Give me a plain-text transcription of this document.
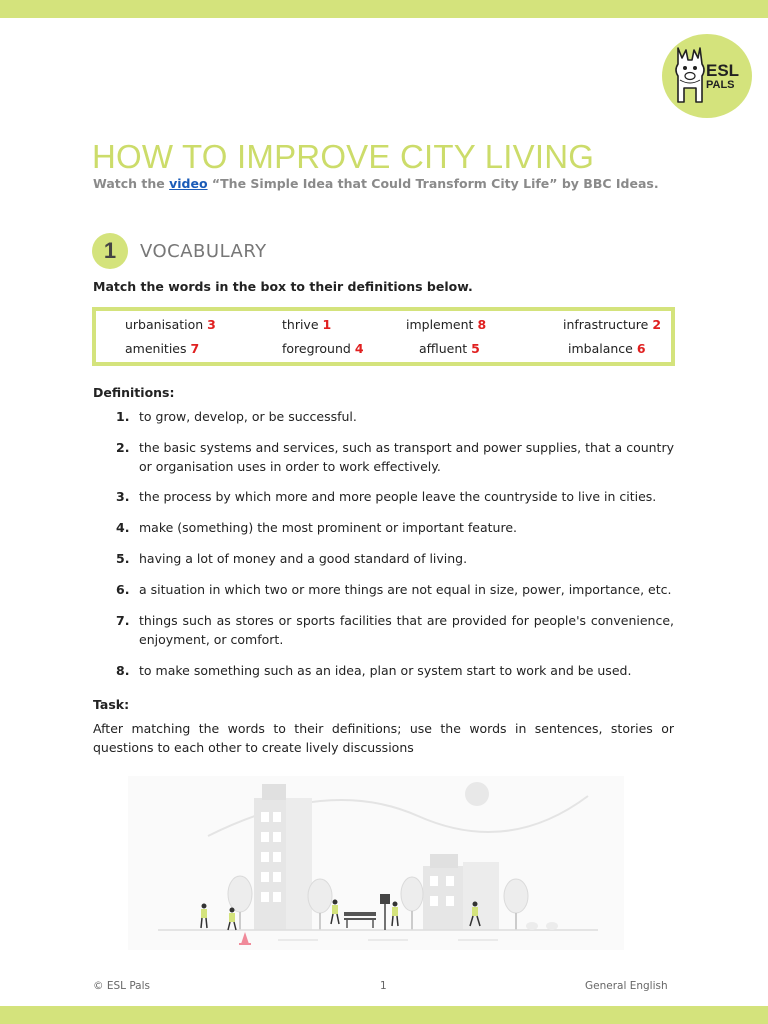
ESL
PALS
HOW TO IMPROVE CITY LIVING
Watch the video “The Simple Idea that Could Transform City Life” by BBC Ideas.
1	VOCABULARY
Match the words in the box to their definitions below.
urbanisation 3	thrive 1	implement 8	infrastructure 2
amenities 7	foreground 4	affluent 5	imbalance 6
Definitions:
1. to grow, develop, or be successful.
2. the basic systems and services, such as transport and power supplies, that a country or organisation uses in order to work effectively.
3. the process by which more and more people leave the countryside to live in cities.
4. make (something) the most prominent or important feature.
5. having a lot of money and a good standard of living.
6. a situation in which two or more things are not equal in size, power, importance, etc.
7. things such as stores or sports facilities that are provided for people's convenience, enjoyment, or comfort.
8. to make something such as an idea, plan or system start to work and be used.
Task:
After matching the words to their definitions; use the words in sentences, stories or questions to each other to create lively discussions
© ESL Pals	1	General English
